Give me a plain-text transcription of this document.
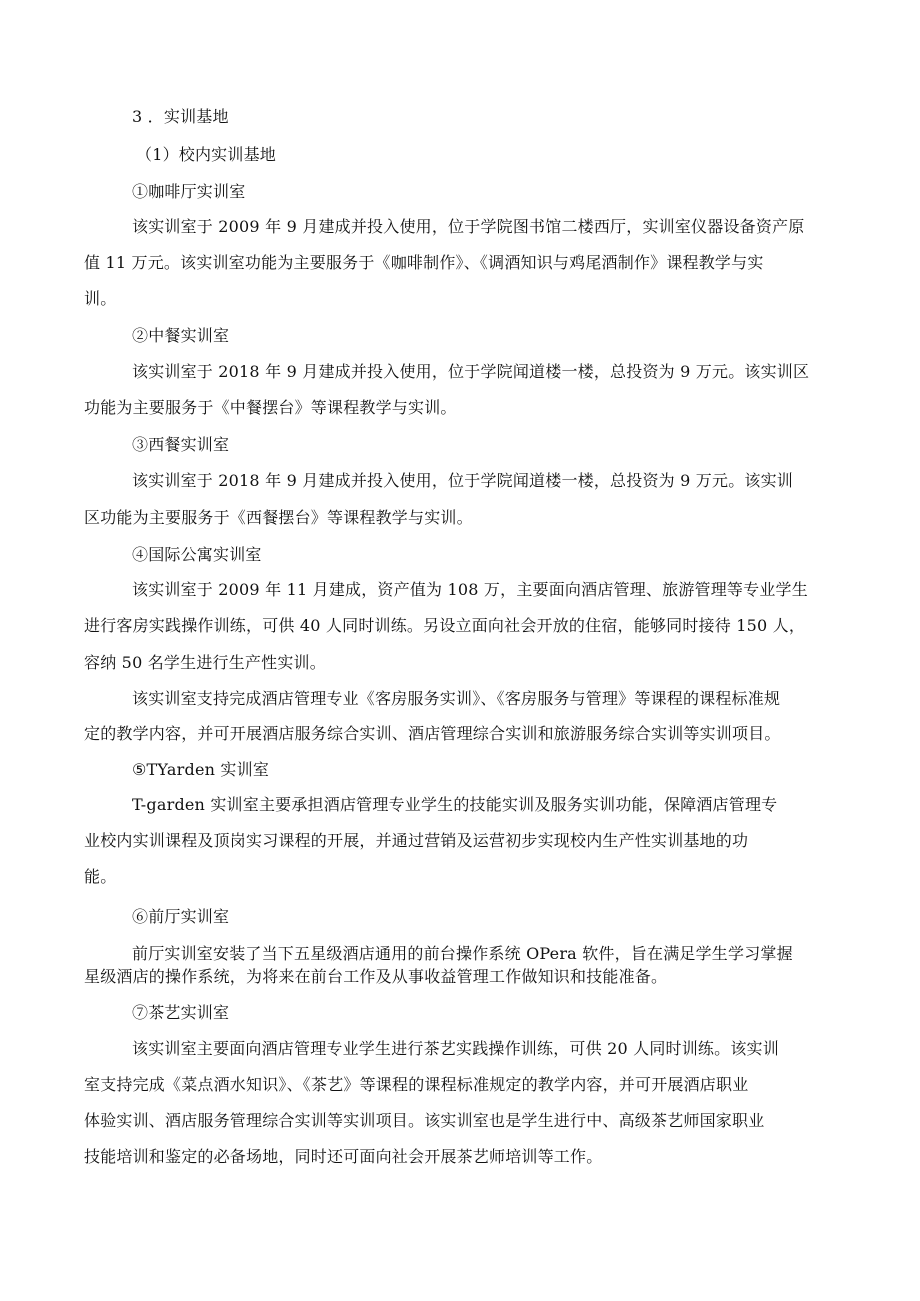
3 ．实训基地
（1）校内实训基地
①咖啡厅实训室
该实训室于 2009 年 9 月建成并投入使用，位于学院图书馆二楼西厅，实训室仪器设备资产原
值 11 万元。该实训室功能为主要服务于《咖啡制作》、《调酒知识与鸡尾酒制作》课程教学与实
训。
②中餐实训室
该实训室于 2018 年 9 月建成并投入使用，位于学院闻道楼一楼，总投资为 9 万元。该实训区
功能为主要服务于《中餐摆台》等课程教学与实训。
③西餐实训室
该实训室于 2018 年 9 月建成并投入使用，位于学院闻道楼一楼，总投资为 9 万元。该实训
区功能为主要服务于《西餐摆台》等课程教学与实训。
④国际公寓实训室
该实训室于 2009 年 11 月建成，资产值为 108 万，主要面向酒店管理、旅游管理等专业学生
进行客房实践操作训练，可供 40 人同时训练。另设立面向社会开放的住宿，能够同时接待 150 人，
容纳 50 名学生进行生产性实训。
该实训室支持完成酒店管理专业《客房服务实训》、《客房服务与管理》等课程的课程标准规
定的教学内容，并可开展酒店服务综合实训、酒店管理综合实训和旅游服务综合实训等实训项目。
⑤TYarden 实训室
T-garden 实训室主要承担酒店管理专业学生的技能实训及服务实训功能，保障酒店管理专
业校内实训课程及顶岗实习课程的开展，并通过营销及运营初步实现校内生产性实训基地的功
能。
⑥前厅实训室
前厅实训室安装了当下五星级酒店通用的前台操作系统 OPera 软件，旨在满足学生学习掌握
星级酒店的操作系统，为将来在前台工作及从事收益管理工作做知识和技能准备。
⑦茶艺实训室
该实训室主要面向酒店管理专业学生进行茶艺实践操作训练，可供 20 人同时训练。该实训
室支持完成《菜点酒水知识》、《茶艺》等课程的课程标准规定的教学内容，并可开展酒店职业
体验实训、酒店服务管理综合实训等实训项目。该实训室也是学生进行中、高级茶艺师国家职业
技能培训和鉴定的必备场地，同时还可面向社会开展茶艺师培训等工作。
